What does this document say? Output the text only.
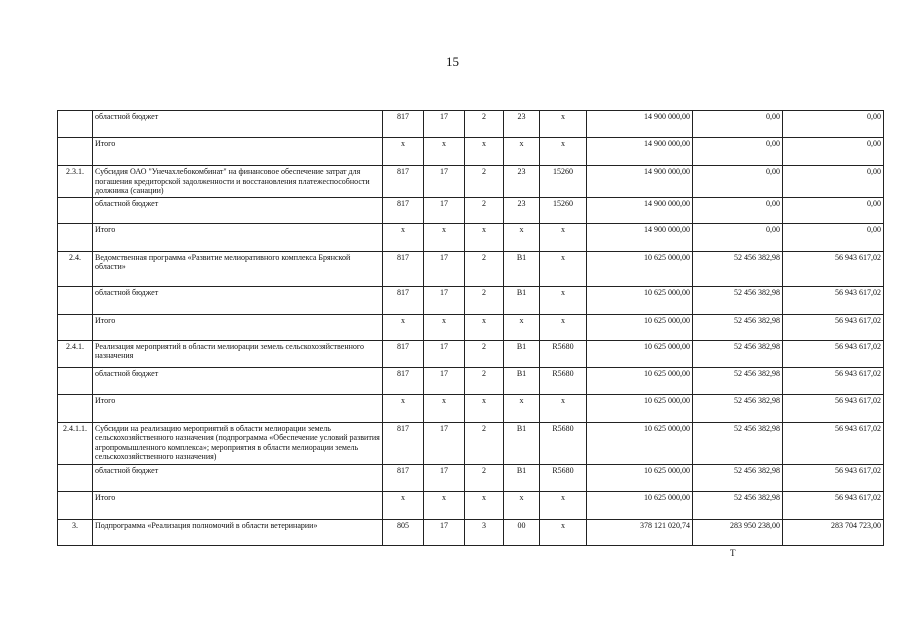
15
	областной бюджет	817	17	2	23	x	14 900 000,00	0,00	0,00
	Итого	x	x	x	x	x	14 900 000,00	0,00	0,00
2.3.1.	Субсидия ОАО "Унечахлебокомбинат" на финансовое обеспечение затрат для погашения кредиторской задолженности и восстановления платежеспособности должника (санации)	817	17	2	23	15260	14 900 000,00	0,00	0,00
	областной бюджет	817	17	2	23	15260	14 900 000,00	0,00	0,00
	Итого	x	x	x	x	x	14 900 000,00	0,00	0,00
2.4.	Ведомственная программа «Развитие мелиоративного комплекса Брянской области»	817	17	2	В1	x	10 625 000,00	52 456 382,98	56 943 617,02
	областной бюджет	817	17	2	В1	x	10 625 000,00	52 456 382,98	56 943 617,02
	Итого	x	x	x	x	x	10 625 000,00	52 456 382,98	56 943 617,02
2.4.1.	Реализация мероприятий в области мелиорации земель сельскохозяйственного назначения	817	17	2	В1	R5680	10 625 000,00	52 456 382,98	56 943 617,02
	областной бюджет	817	17	2	В1	R5680	10 625 000,00	52 456 382,98	56 943 617,02
	Итого	x	x	x	x	x	10 625 000,00	52 456 382,98	56 943 617,02
2.4.1.1.	Субсидии на реализацию мероприятий в области мелиорации земель сельскохозяйственного назначения (подпрограмма «Обеспечение условий развития агропромышленного комплекса»; мероприятия в области мелиорации земель сельскохозяйственного назначения)	817	17	2	В1	R5680	10 625 000,00	52 456 382,98	56 943 617,02
	областной бюджет	817	17	2	В1	R5680	10 625 000,00	52 456 382,98	56 943 617,02
	Итого	x	x	x	x	x	10 625 000,00	52 456 382,98	56 943 617,02
3.	Подпрограмма «Реализация полномочий в области ветеринарии»	805	17	3	00	x	378 121 020,74	283 950 238,00	283 704 723,00
Т
